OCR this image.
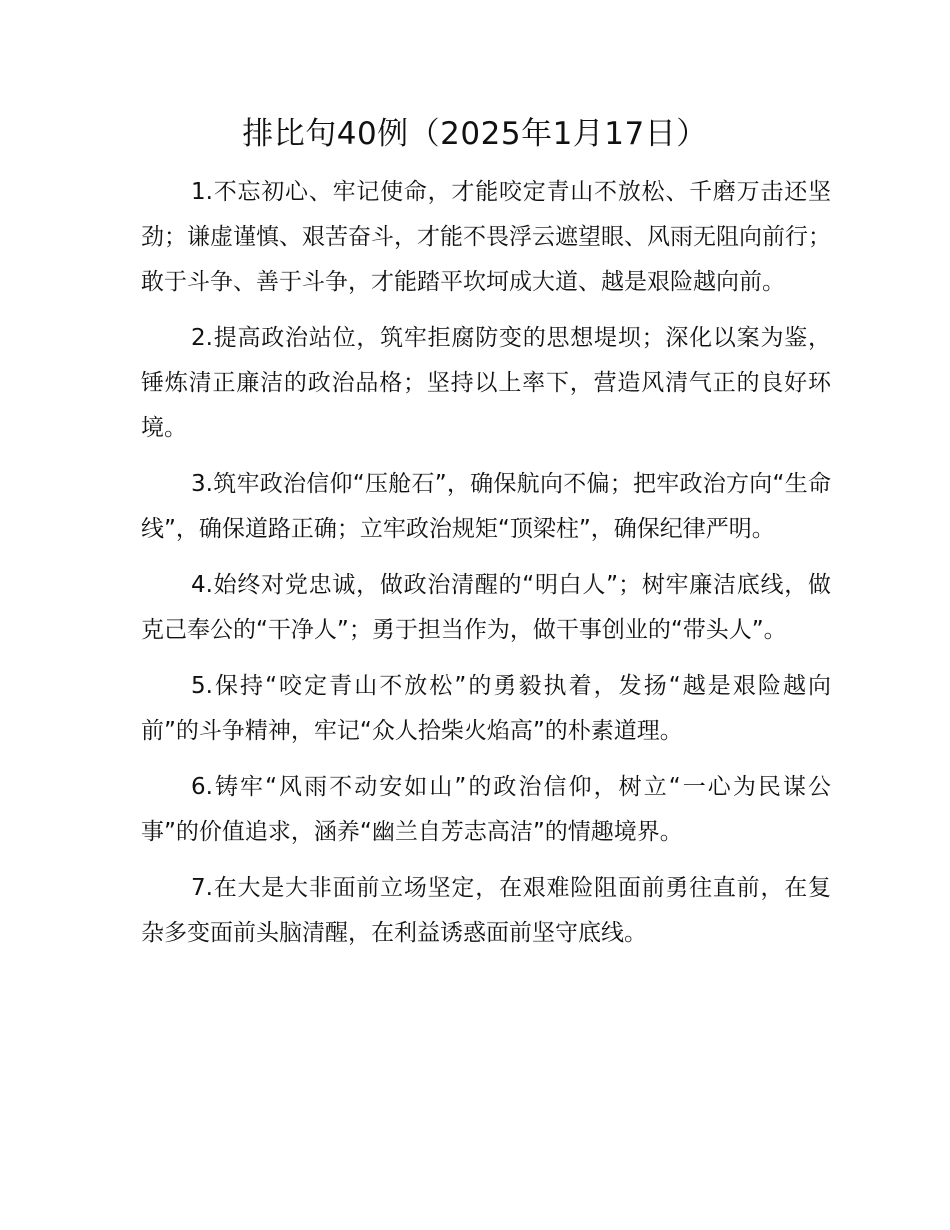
排比句40例（2025年1月17日）

1.不忘初心、牢记使命，才能咬定青山不放松、千磨万击还坚劲；谦虚谨慎、艰苦奋斗，才能不畏浮云遮望眼、风雨无阻向前行；敢于斗争、善于斗争，才能踏平坎坷成大道、越是艰险越向前。

2.提高政治站位，筑牢拒腐防变的思想堤坝；深化以案为鉴，锤炼清正廉洁的政治品格；坚持以上率下，营造风清气正的良好环境。

3.筑牢政治信仰“压舱石”，确保航向不偏；把牢政治方向“生命线”，确保道路正确；立牢政治规矩“顶梁柱”，确保纪律严明。

4.始终对党忠诚，做政治清醒的“明白人”；树牢廉洁底线，做克己奉公的“干净人”；勇于担当作为，做干事创业的“带头人”。

5.保持“咬定青山不放松”的勇毅执着，发扬“越是艰险越向前”的斗争精神，牢记“众人拾柴火焰高”的朴素道理。

6.铸牢“风雨不动安如山”的政治信仰，树立“一心为民谋公事”的价值追求，涵养“幽兰自芳志高洁”的情趣境界。

7.在大是大非面前立场坚定，在艰难险阻面前勇往直前，在复杂多变面前头脑清醒，在利益诱惑面前坚守底线。
